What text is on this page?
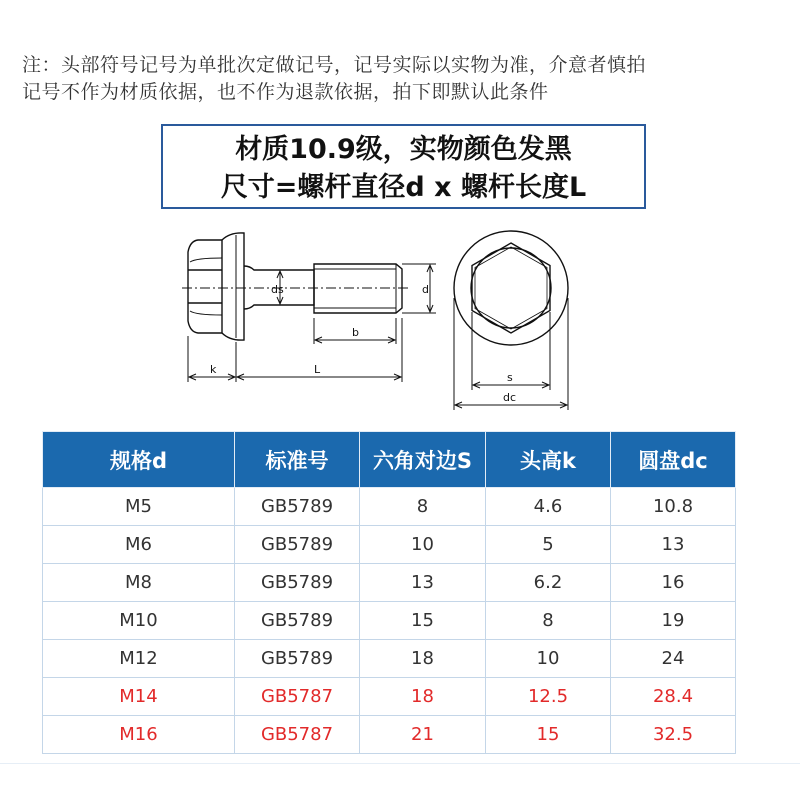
注：头部符号记号为单批次定做记号，记号实际以实物为准，介意者慎拍
记号不作为材质依据，也不作为退款依据，拍下即默认此条件
材质10.9级，实物颜色发黑
尺寸=螺杆直径d x 螺杆长度L
ds	d
b
k	L
s
dc
规格d	标准号	六角对边S	头高k	圆盘dc
M5	GB5789	8	4.6	10.8
M6	GB5789	10	5	13
M8	GB5789	13	6.2	16
M10	GB5789	15	8	19
M12	GB5789	18	10	24
M14	GB5787	18	12.5	28.4
M16	GB5787	21	15	32.5
